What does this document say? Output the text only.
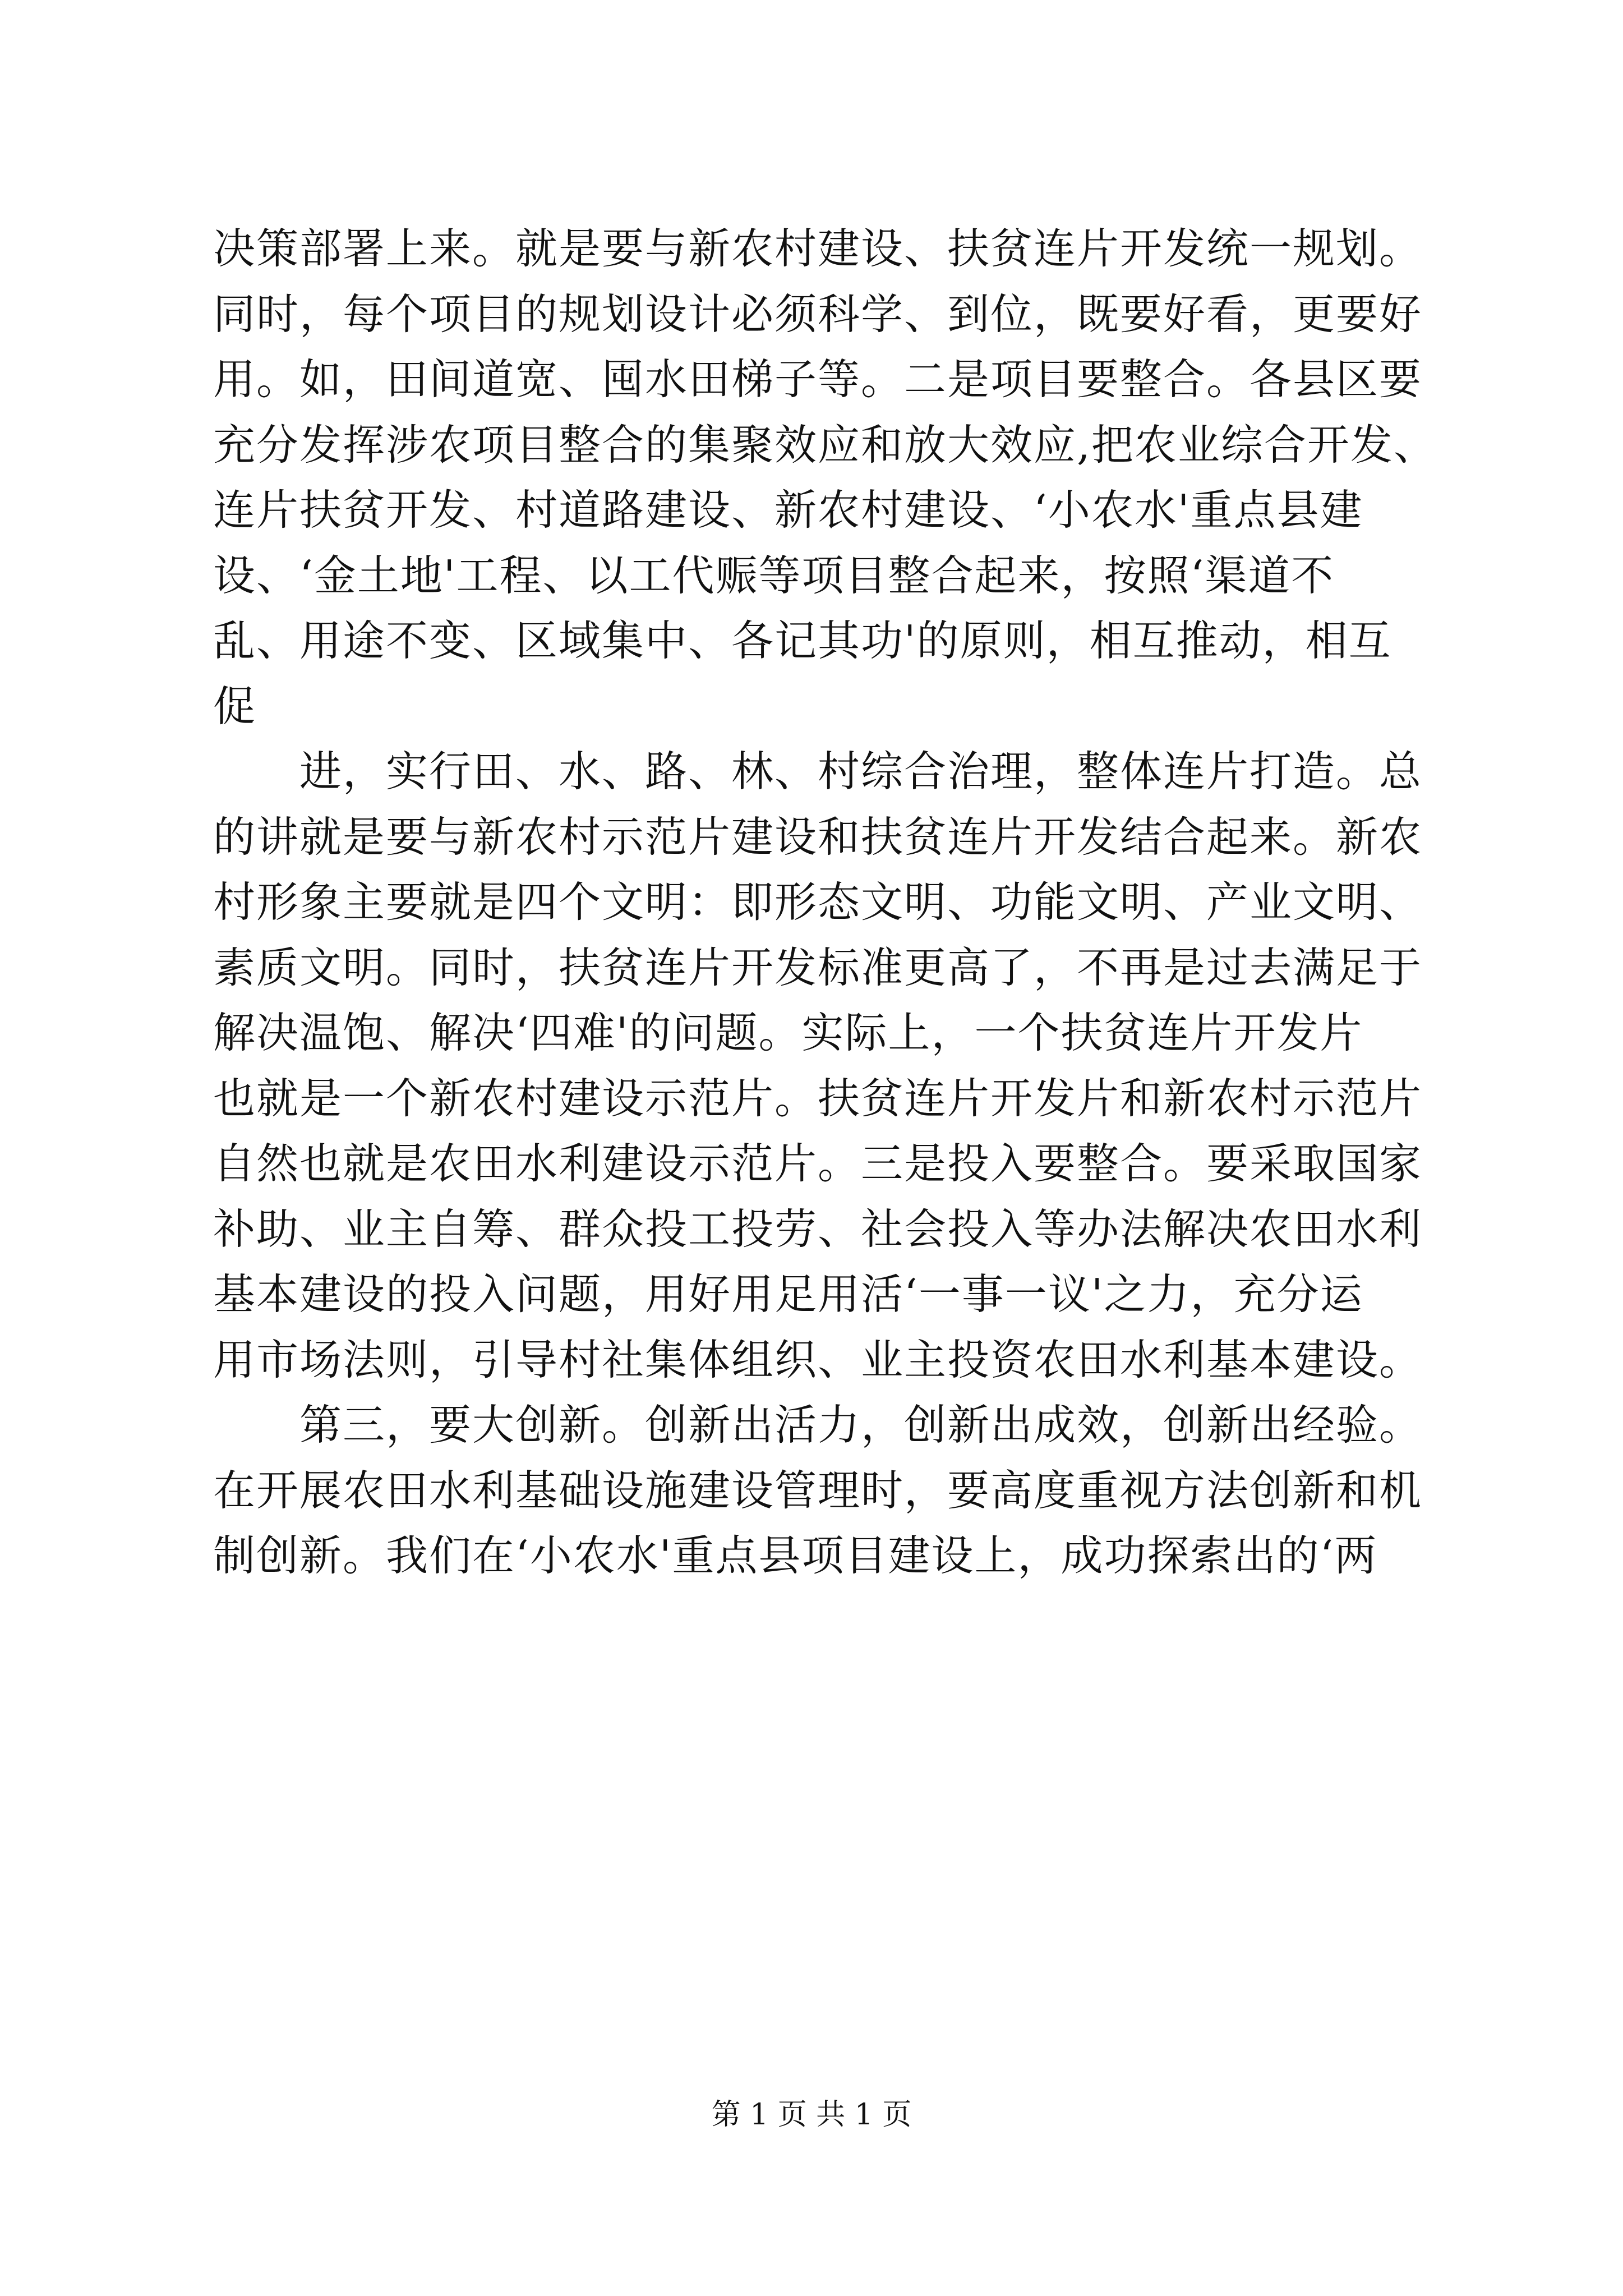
决策部署上来。就是要与新农村建设、扶贫连片开发统一规划。
同时，每个项目的规划设计必须科学、到位，既要好看，更要好
用。如，田间道宽、囤水田梯子等。二是项目要整合。各县区要
充分发挥涉农项目整合的集聚效应和放大效应,把农业综合开发、
连片扶贫开发、村道路建设、新农村建设、‘小农水'重点县建
设、‘金土地'工程、以工代赈等项目整合起来，按照‘渠道不
乱、用途不变、区域集中、各记其功'的原则，相互推动，相互
促
　　进，实行田、水、路、林、村综合治理，整体连片打造。总
的讲就是要与新农村示范片建设和扶贫连片开发结合起来。新农
村形象主要就是四个文明：即形态文明、功能文明、产业文明、
素质文明。同时，扶贫连片开发标准更高了，不再是过去满足于
解决温饱、解决‘四难'的问题。实际上，一个扶贫连片开发片
也就是一个新农村建设示范片。扶贫连片开发片和新农村示范片
自然也就是农田水利建设示范片。三是投入要整合。要采取国家
补助、业主自筹、群众投工投劳、社会投入等办法解决农田水利
基本建设的投入问题，用好用足用活‘一事一议'之力，充分运
用市场法则，引导村社集体组织、业主投资农田水利基本建设。
　　第三，要大创新。创新出活力，创新出成效，创新出经验。
在开展农田水利基础设施建设管理时，要高度重视方法创新和机
制创新。我们在‘小农水'重点县项目建设上，成功探索出的‘两
第 1 页 共 1 页
